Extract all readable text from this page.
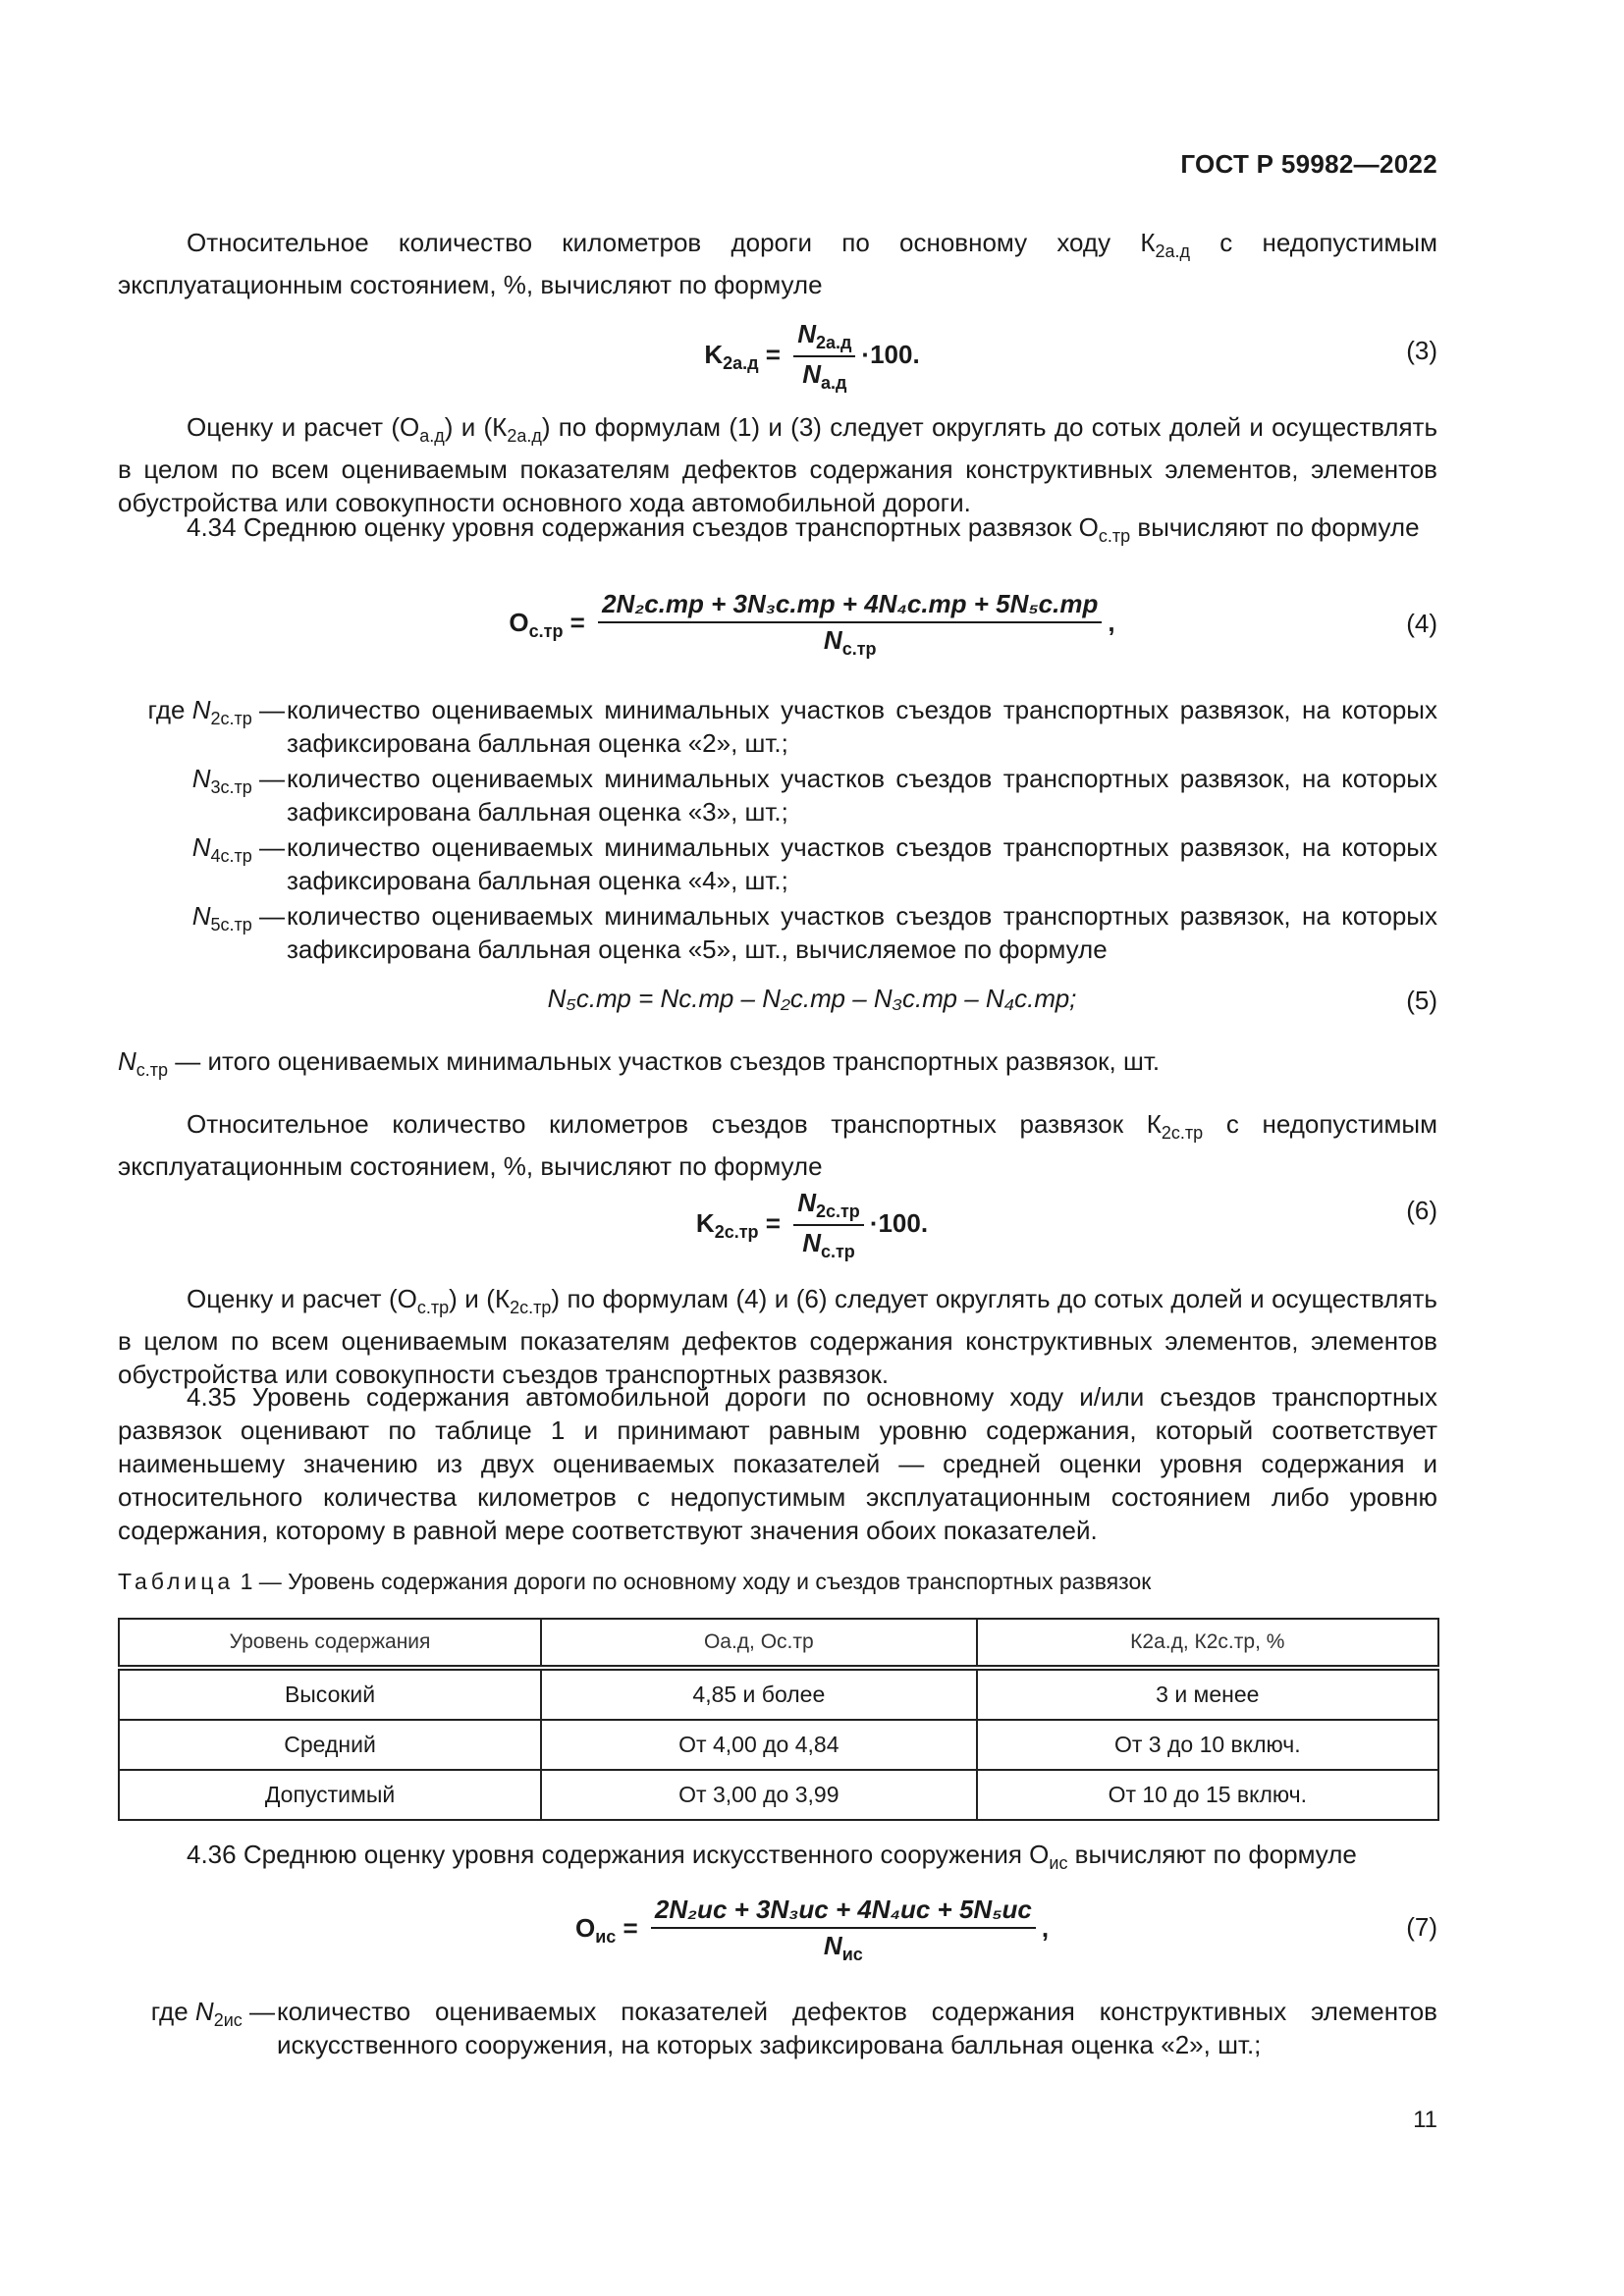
ГОСТ Р 59982—2022
Относительное количество километров дороги по основному ходу $К_{2а.д}$ с недопустимым эксплуатационным состоянием, %, вычисляют по формуле
$K_{2а.д} = \frac{N_{2а.д}}{N_{а.д}} \cdot 100$.	(3)
Оценку и расчет $(О_{а.д})$ и $(К_{2а.д})$ по формулам (1) и (3) следует округлять до сотых долей и осуществлять в целом по всем оцениваемым показателям дефектов содержания конструктивных элементов, элементов обустройства или совокупности основного хода автомобильной дороги.
4.34 Среднюю оценку уровня содержания съездов транспортных развязок $О_{с.тр}$ вычисляют по формуле
$O_{с.тр} = \frac{\text{2N₂с.тр + 3N₃с.тр + 4N₄с.тр + 5N₅с.тр}}{N_{с.тр}}$ ,	(4)
где $N_{2с.тр}$ — количество оцениваемых минимальных участков съездов транспортных развязок, на которых зафиксирована балльная оценка «2», шт.;
$N_{3с.тр}$ — количество оцениваемых минимальных участков съездов транспортных развязок, на которых зафиксирована балльная оценка «3», шт.;
$N_{4с.тр}$ — количество оцениваемых минимальных участков съездов транспортных развязок, на которых зафиксирована балльная оценка «4», шт.;
$N_{5с.тр}$ — количество оцениваемых минимальных участков съездов транспортных развязок, на которых зафиксирована балльная оценка «5», шт., вычисляемое по формуле
N₅с.тр = Nс.тр – N₂с.тр – N₃с.тр – N₄с.тр;	(5)
$N_{с.тр}$ — итого оцениваемых минимальных участков съездов транспортных развязок, шт.
Относительное количество километров съездов транспортных развязок $К_{2с.тр}$ с недопустимым эксплуатационным состоянием, %, вычисляют по формуле
$K_{2с.тр} = \frac{N_{2с.тр}}{N_{с.тр}} \cdot 100$.	(6)
Оценку и расчет $(О_{с.тр})$ и $(К_{2с.тр})$ по формулам (4) и (6) следует округлять до сотых долей и осуществлять в целом по всем оцениваемым показателям дефектов содержания конструктивных элементов, элементов обустройства или совокупности съездов транспортных развязок.
4.35 Уровень содержания автомобильной дороги по основному ходу и/или съездов транспортных развязок оценивают по таблице 1 и принимают равным уровню содержания, который соответствует наименьшему значению из двух оцениваемых показателей — средней оценки уровня содержания и относительного количества километров с недопустимым эксплуатационным состоянием либо уровню содержания, которому в равной мере соответствуют значения обоих показателей.
Таблица 1 — Уровень содержания дороги по основному ходу и съездов транспортных развязок
Уровень содержания	Оа.д, Ос.тр	К2а.д, К2с.тр, %
Высокий	4,85 и более	3 и менее
Средний	От 4,00 до 4,84	От 3 до 10 включ.
Допустимый	От 3,00 до 3,99	От 10 до 15 включ.
4.36 Среднюю оценку уровня содержания искусственного сооружения $О_{ис}$ вычисляют по формуле
$O_{ис} = \frac{\text{2N₂ис + 3N₃ис + 4N₄ис + 5N₅ис}}{N_{ис}}$ ,	(7)
где $N_{2ис}$ — количество оцениваемых показателей дефектов содержания конструктивных элементов искусственного сооружения, на которых зафиксирована балльная оценка «2», шт.;
11
